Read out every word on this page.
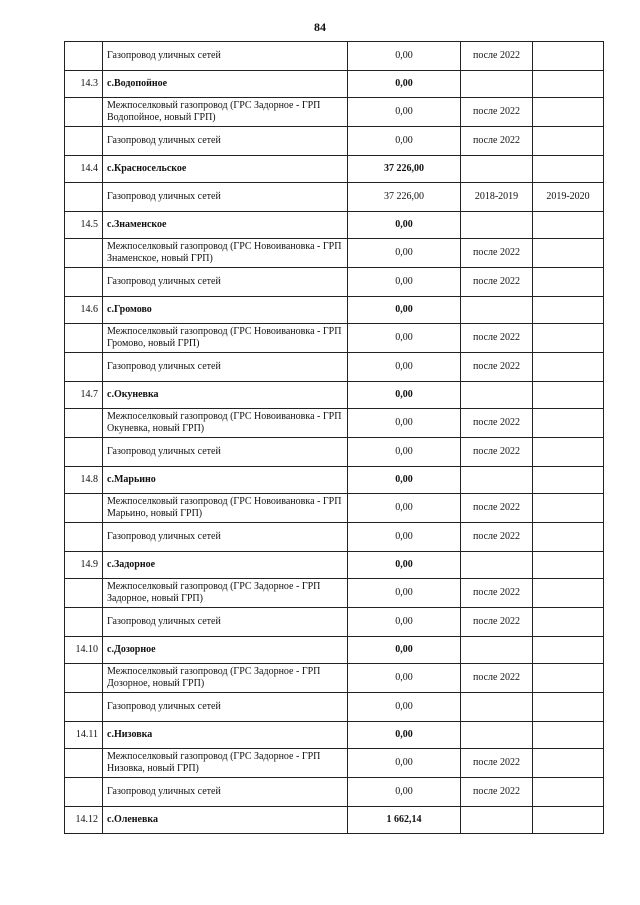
84
	Газопровод уличных сетей	0,00	после 2022	
14.3	с.Водопойное	0,00		
	Межпоселковый газопровод (ГРС Задорное - ГРП Водопойное, новый ГРП)	0,00	после 2022	
	Газопровод уличных сетей	0,00	после 2022	
14.4	с.Красносельское	37 226,00		
	Газопровод уличных сетей	37 226,00	2018-2019	2019-2020
14.5	с.Знаменское	0,00		
	Межпоселковый газопровод (ГРС Новоивановка - ГРП Знаменское, новый ГРП)	0,00	после 2022	
	Газопровод уличных сетей	0,00	после 2022	
14.6	с.Громово	0,00		
	Межпоселковый газопровод (ГРС Новоивановка - ГРП Громово, новый ГРП)	0,00	после 2022	
	Газопровод уличных сетей	0,00	после 2022	
14.7	с.Окуневка	0,00		
	Межпоселковый газопровод (ГРС Новоивановка - ГРП Окуневка, новый ГРП)	0,00	после 2022	
	Газопровод уличных сетей	0,00	после 2022	
14.8	с.Марьино	0,00		
	Межпоселковый газопровод (ГРС Новоивановка - ГРП Марьино, новый ГРП)	0,00	после 2022	
	Газопровод уличных сетей	0,00	после 2022	
14.9	с.Задорное	0,00		
	Межпоселковый газопровод (ГРС Задорное - ГРП Задорное, новый ГРП)	0,00	после 2022	
	Газопровод уличных сетей	0,00	после 2022	
14.10	с.Дозорное	0,00		
	Межпоселковый газопровод (ГРС Задорное - ГРП Дозорное, новый ГРП)	0,00	после 2022	
	Газопровод уличных сетей	0,00		
14.11	с.Низовка	0,00		
	Межпоселковый газопровод (ГРС Задорное - ГРП Низовка, новый ГРП)	0,00	после 2022	
	Газопровод уличных сетей	0,00	после 2022	
14.12	с.Оленевка	1 662,14		
